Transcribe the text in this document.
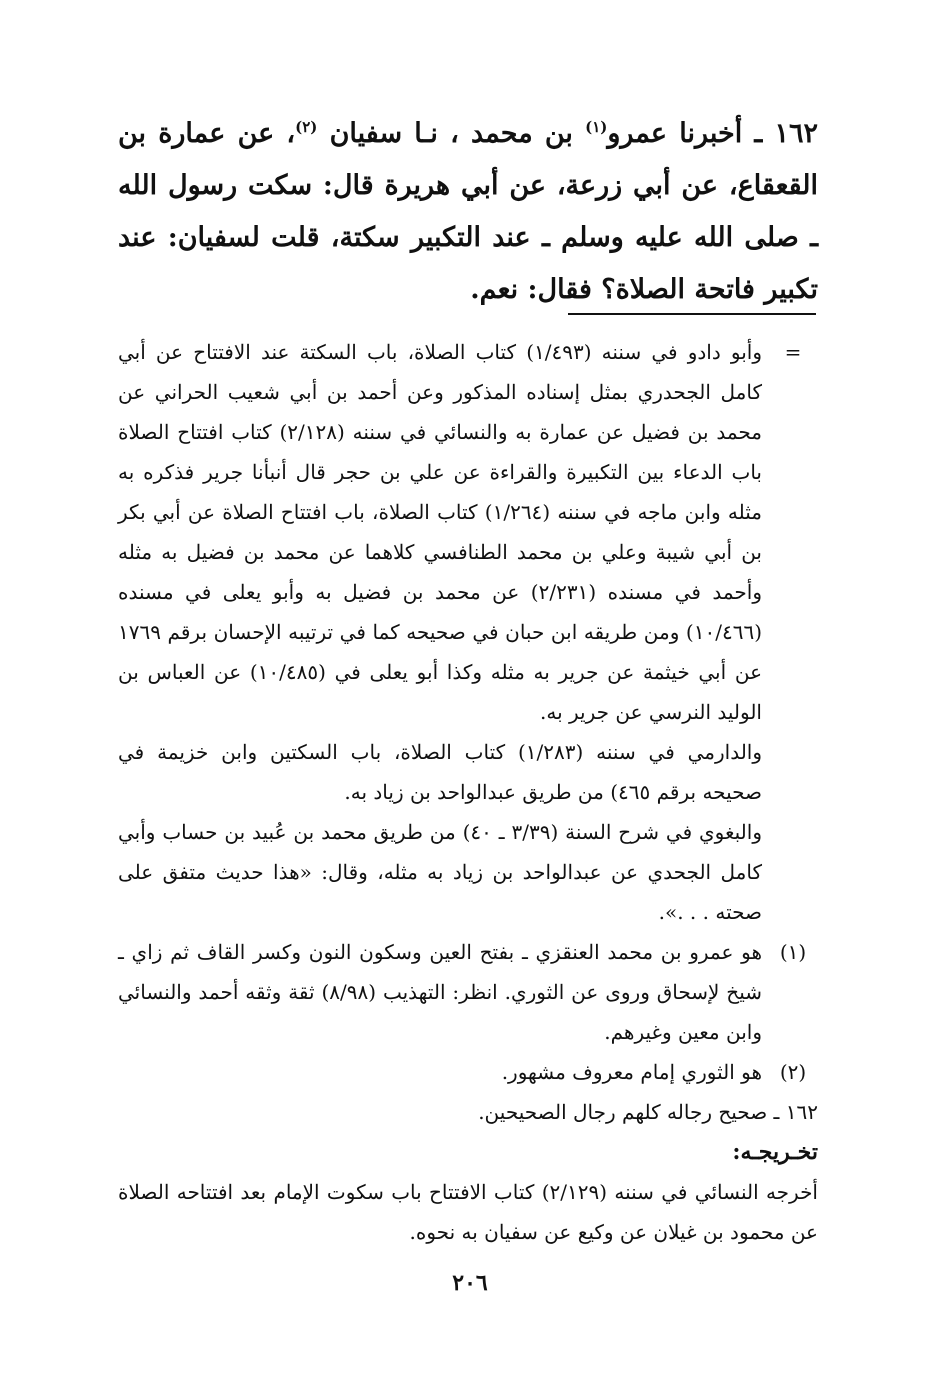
١٦٢ ـ أخبرنا عمرو$^{(١)}$ بن محمد ، نـا سفيان $^{(٢)}$، عن عمارة بن القعقاع، عن أبي زرعة، عن أبي هريرة قال: سكت رسول الله ـ صلى الله عليه وسلم ـ عند التكبير سكتة، قلت لسفيان: عند تكبير فاتحة الصلاة؟ فقال: نعم.
=
وأبو دادو في سننه (١/٤٩٣) كتاب الصلاة، باب السكتة عند الافتتاح عن أبي كامل الجحدري بمثل إسناده المذكور وعن أحمد بن أبي شعيب الحراني عن محمد بن فضيل عن عمارة به والنسائي في سننه (٢/١٢٨) كتاب افتتاح الصلاة باب الدعاء بين التكبيرة والقراءة عن علي بن حجر قال أنبأنا جرير فذكره به مثله وابن ماجه في سننه (١/٢٦٤) كتاب الصلاة، باب افتتاح الصلاة عن أبي بكر بن أبي شيبة وعلي بن محمد الطنافسي كلاهما عن محمد بن فضيل به مثله وأحمد في مسنده (٢/٢٣١) عن محمد بن فضيل به وأبو يعلى في مسنده (١٠/٤٦٦) ومن طريقه ابن حبان في صحيحه كما في ترتيبه الإحسان برقم ١٧٦٩ عن أبي خيثمة عن جرير به مثله وكذا أبو يعلى في (١٠/٤٨٥) عن العباس بن الوليد النرسي عن جرير به.
والدارمي في سننه (١/٢٨٣) كتاب الصلاة، باب السكتين وابن خزيمة في صحيحه برقم ٤٦٥) من طريق عبدالواحد بن زياد به.
والبغوي في شرح السنة (٣/٣٩ ـ ٤٠) من طريق محمد بن عُبيد بن حساب وأبي كامل الجحدي عن عبدالواحد بن زياد به مثله، وقال: «هذا حديث متفق على صحته . . .».
(١)
هو عمرو بن محمد العنقزي ـ بفتح العين وسكون النون وكسر القاف ثم زاي ـ شيخ لإسحاق وروى عن الثوري. انظر: التهذيب (٨/٩٨) ثقة وثقه أحمد والنسائي وابن معين وغيرهم.
(٢)
هو الثوري إمام معروف مشهور.
١٦٢ ـ صحيح رجاله كلهم رجال الصحيحين.
تخـريجـه:
أخرجه النسائي في سننه (٢/١٢٩) كتاب الافتتاح باب سكوت الإمام بعد افتتاحه الصلاة عن محمود بن غيلان عن وكيع عن سفيان به نحوه.
٢٠٦
